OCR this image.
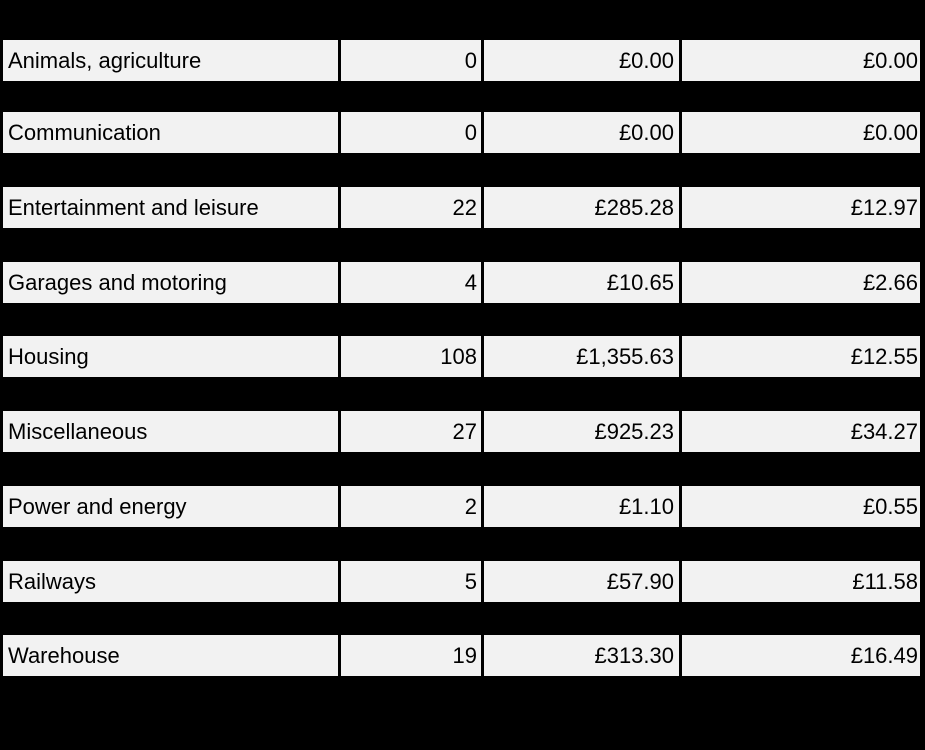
Animals, agriculture	0	£0.00	£0.00
Communication	0	£0.00	£0.00
Entertainment and leisure	22	£285.28	£12.97
Garages and motoring	4	£10.65	£2.66
Housing	108	£1,355.63	£12.55
Miscellaneous	27	£925.23	£34.27
Power and energy	2	£1.10	£0.55
Railways	5	£57.90	£11.58
Warehouse	19	£313.30	£16.49
